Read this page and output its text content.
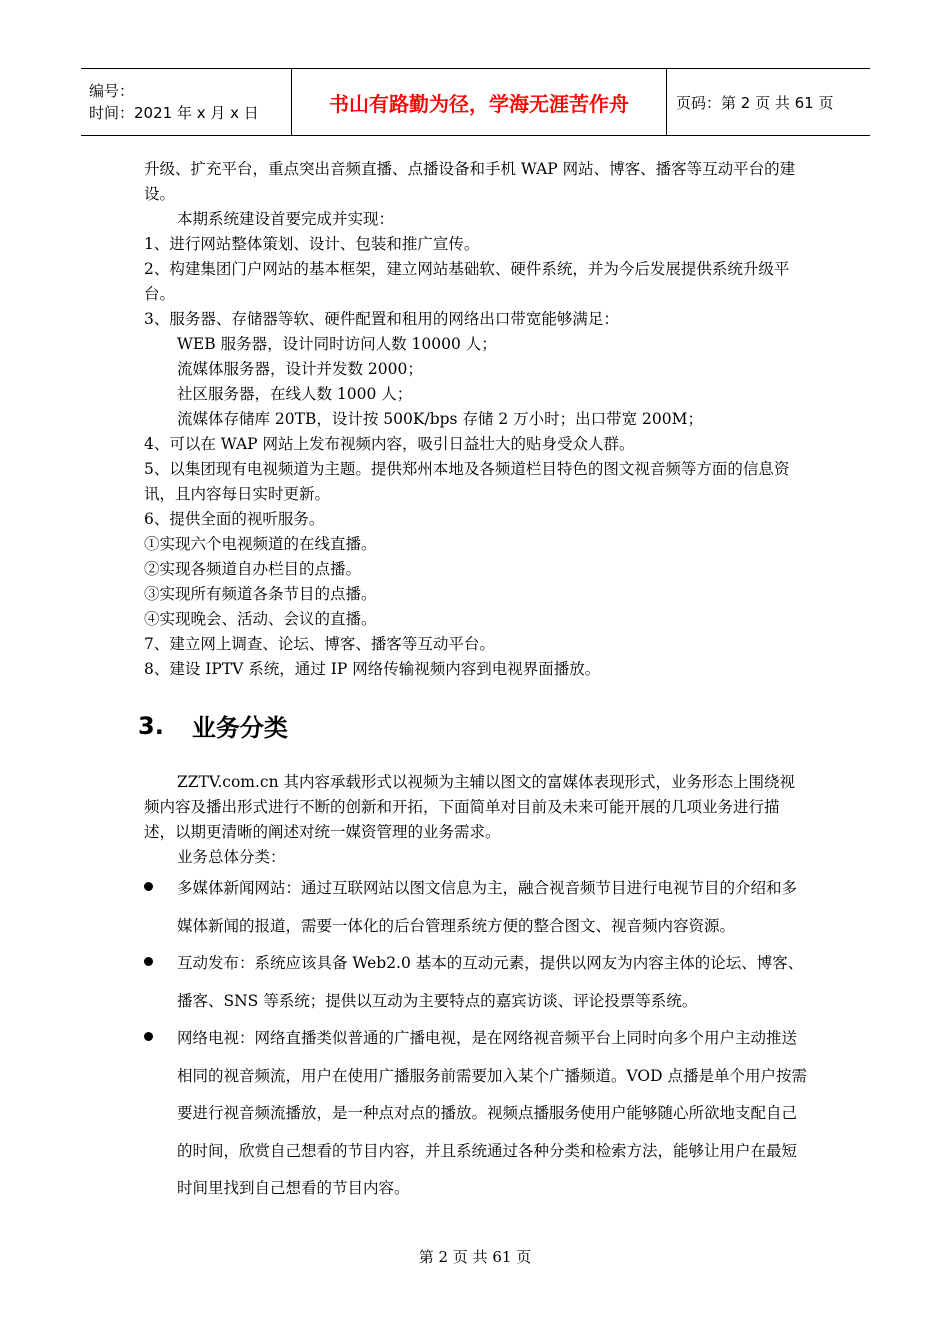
编号：
时间：2021 年 x 月 x 日	书山有路勤为径，学海无涯苦作舟	页码：第 2 页 共 61 页

升级、扩充平台，重点突出音频直播、点播设备和手机 WAP 网站、博客、播客等互动平台的建设。

本期系统建设首要完成并实现：

1、进行网站整体策划、设计、包装和推广宣传。

2、构建集团门户网站的基本框架，建立网站基础软、硬件系统，并为今后发展提供系统升级平台。

3、服务器、存储器等软、硬件配置和租用的网络出口带宽能够满足：

WEB 服务器，设计同时访问人数 10000 人；

流媒体服务器，设计并发数 2000；

社区服务器，在线人数 1000 人；

流媒体存储库 20TB，设计按 500K/bps 存储 2 万小时；出口带宽 200M；

4、可以在 WAP 网站上发布视频内容，吸引日益壮大的贴身受众人群。

5、以集团现有电视频道为主题。提供郑州本地及各频道栏目特色的图文视音频等方面的信息资讯，且内容每日实时更新。

6、提供全面的视听服务。

①实现六个电视频道的在线直播。

②实现各频道自办栏目的点播。

③实现所有频道各条节目的点播。

④实现晚会、活动、会议的直播。

7、建立网上调查、论坛、博客、播客等互动平台。

8、建设 IPTV 系统，通过 IP 网络传输视频内容到电视界面播放。

3. 业务分类

ZZTV.com.cn 其内容承载形式以视频为主辅以图文的富媒体表现形式，业务形态上围绕视频内容及播出形式进行不断的创新和开拓，下面简单对目前及未来可能开展的几项业务进行描述，以期更清晰的阐述对统一媒资管理的业务需求。

业务总体分类：

多媒体新闻网站：通过互联网站以图文信息为主，融合视音频节目进行电视节目的介绍和多媒体新闻的报道，需要一体化的后台管理系统方便的整合图文、视音频内容资源。
互动发布：系统应该具备 Web2.0 基本的互动元素，提供以网友为内容主体的论坛、博客、播客、SNS 等系统；提供以互动为主要特点的嘉宾访谈、评论投票等系统。
网络电视：网络直播类似普通的广播电视，是在网络视音频平台上同时向多个用户主动推送相同的视音频流，用户在使用广播服务前需要加入某个广播频道。VOD 点播是单个用户按需要进行视音频流播放，是一种点对点的播放。视频点播服务使用户能够随心所欲地支配自己的时间，欣赏自己想看的节目内容，并且系统通过各种分类和检索方法，能够让用户在最短时间里找到自己想看的节目内容。
第 2 页 共 61 页
